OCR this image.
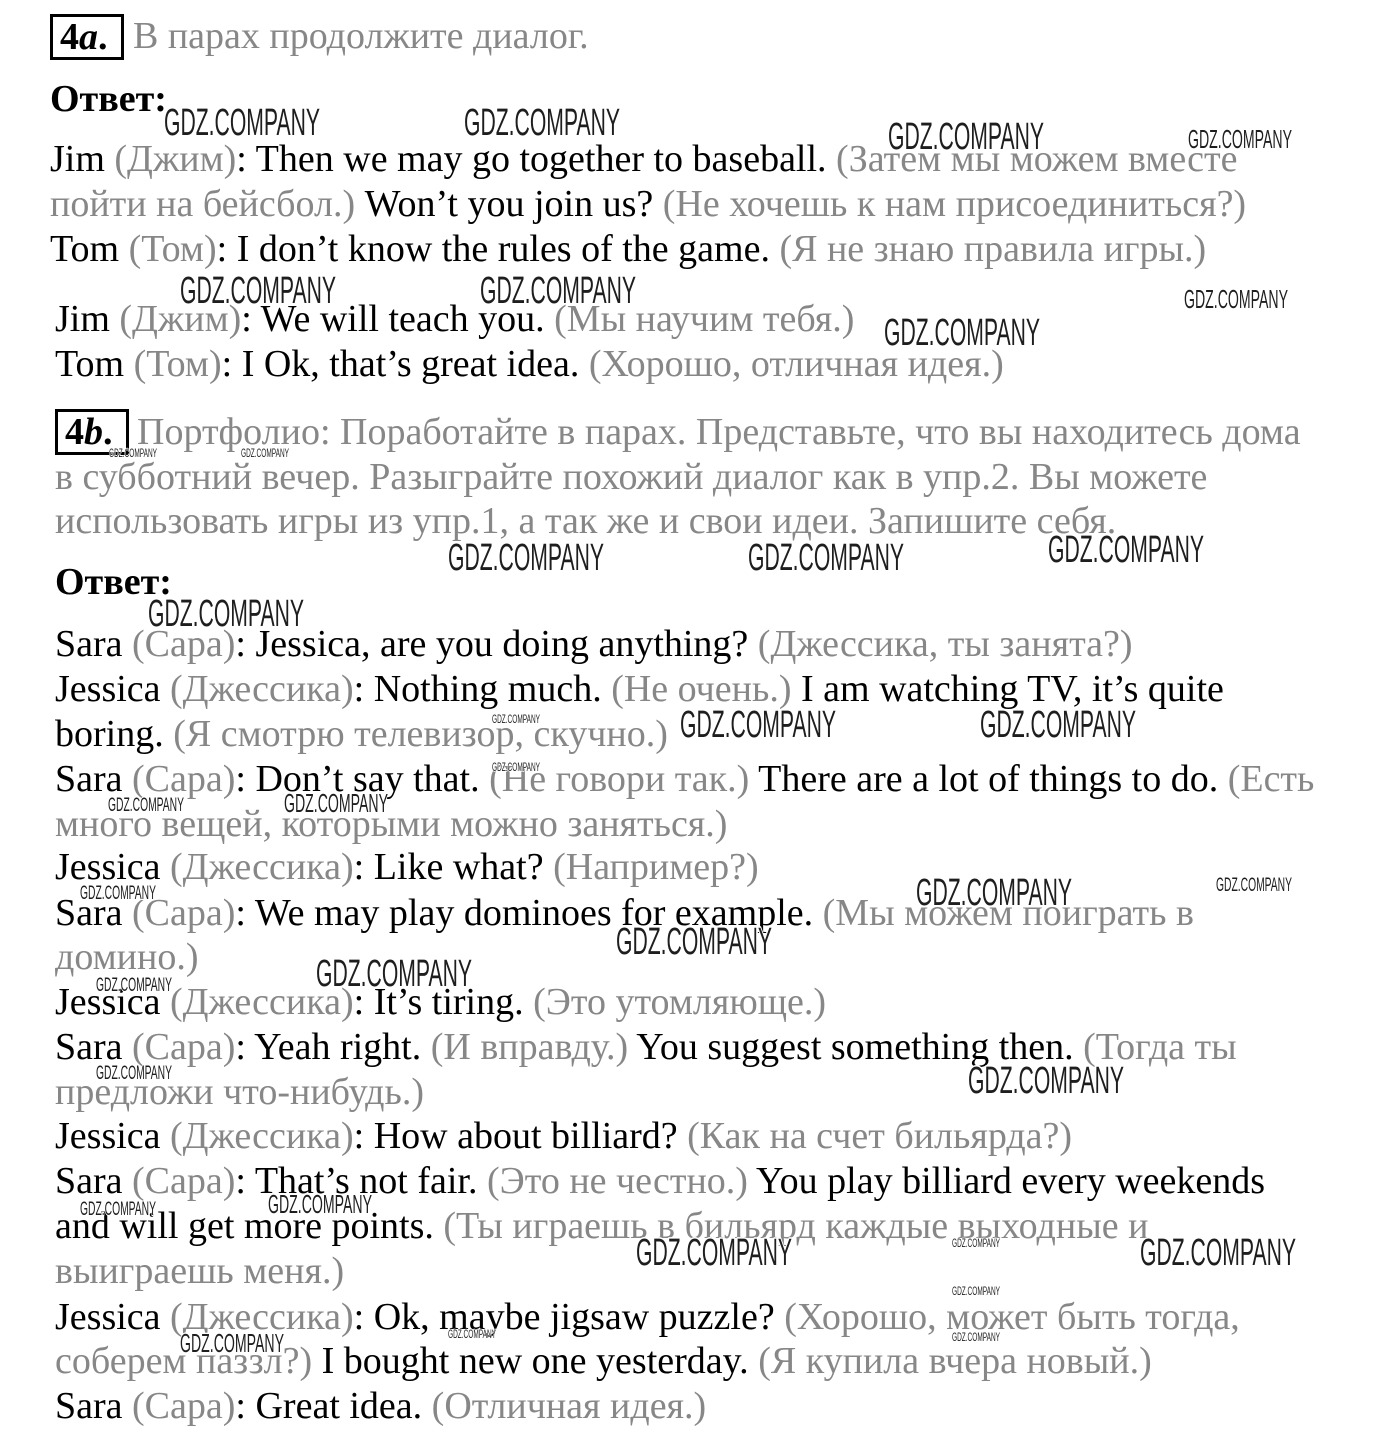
4a. В парах продолжите диалог.
Ответ:
Jim (Джим): Then we may go together to baseball. (Затем мы можем вместе
пойти на бейсбол.) Won’t you join us? (Не хочешь к нам присоединиться?)
Tom (Том): I don’t know the rules of the game. (Я не знаю правила игры.)
Jim (Джим): We will teach you. (Мы научим тебя.)
Tom (Том): I Ok, that’s great idea. (Хорошо, отличная идея.)
4b. Портфолио: Поработайте в парах. Представьте, что вы находитесь дома
в субботний вечер. Разыграйте похожий диалог как в упр.2. Вы можете
использовать игры из упр.1, а так же и свои идеи. Запишите себя.
Ответ:
Sara (Сара): Jessica, are you doing anything? (Джессика, ты занята?)
Jessica (Джессика): Nothing much. (Не очень.) I am watching TV, it’s quite
boring. (Я смотрю телевизор, скучно.)
Sara (Сара): Don’t say that. (Не говори так.) There are a lot of things to do. (Есть
много вещей, которыми можно заняться.)
Jessica (Джессика): Like what? (Например?)
Sara (Сара): We may play dominoes for example. (Мы можем поиграть в
домино.)
Jessica (Джессика): It’s tiring. (Это утомляюще.)
Sara (Сара): Yeah right. (И вправду.) You suggest something then. (Тогда ты
предложи что-нибудь.)
Jessica (Джессика): How about billiard? (Как на счет бильярда?)
Sara (Сара): That’s not fair. (Это не честно.) You play billiard every weekends
and will get more points. (Ты играешь в бильярд каждые выходные и
выиграешь меня.)
Jessica (Джессика): Ok, maybe jigsaw puzzle? (Хорошо, может быть тогда,
соберем паззл?) I bought new one yesterday. (Я купила вчера новый.)
Sara (Сара): Great idea. (Отличная идея.)
GDZ.COMPANY	GDZ.COMPANY	GDZ.COMPANY	GDZ.COMPANY
GDZ.COMPANY	GDZ.COMPANY	GDZ.COMPANY
GDZ.COMPANY
GDZ.COMPANY	GDZ.COMPANY
GDZ.COMPANY	GDZ.COMPANY	GDZ.COMPANY
GDZ.COMPANY
GDZ.COMPANY	GDZ.COMPANY	GDZ.COMPANY
GDZ.COMPANY
GDZ.COMPANY	GDZ.COMPANY
GDZ.COMPANY	GDZ.COMPANY	GDZ.COMPANY
GDZ.COMPANY
GDZ.COMPANY
GDZ.COMPANY
GDZ.COMPANY	GDZ.COMPANY
GDZ.COMPANY
GDZ.COMPANY
GDZ.COMPANY
GDZ.COMPANY	GDZ.COMPANY
GDZ.COMPANY
GDZ.COMPANY	GDZ.COMPANY	GDZ.COMPANY
